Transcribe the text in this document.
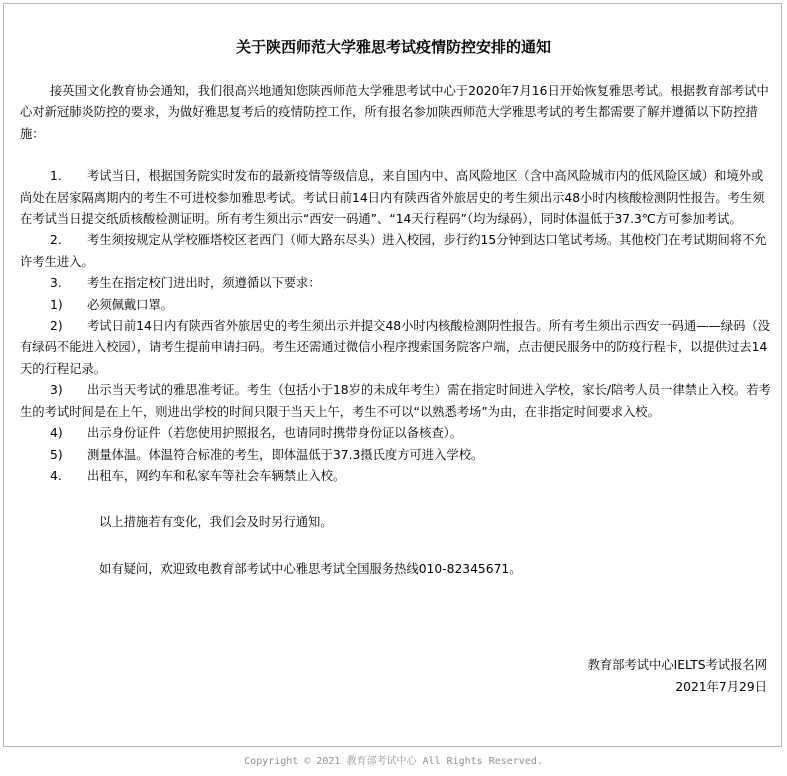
关于陕西师范大学雅思考试疫情防控安排的通知

接英国文化教育协会通知，我们很高兴地通知您陕西师范大学雅思考试中心于2020年7月16日开始恢复雅思考试。根据教育部考试中心对新冠肺炎防控的要求，为做好雅思复考后的疫情防控工作，所有报名参加陕西师范大学雅思考试的考生都需要了解并遵循以下防控措施：

1. 考试当日，根据国务院实时发布的最新疫情等级信息，来自国内中、高风险地区（含中高风险城市内的低风险区域）和境外或尚处在居家隔离期内的考生不可进校参加雅思考试。考试日前14日内有陕西省外旅居史的考生须出示48小时内核酸检测阴性报告。考生须在考试当日提交纸质核酸检测证明。所有考生须出示“西安一码通”、“14天行程码”（均为绿码），同时体温低于37.3℃方可参加考试。

2. 考生须按规定从学校雁塔校区老西门（师大路东尽头）进入校园，步行约15分钟到达口笔试考场。其他校门在考试期间将不允许考生进入。

3. 考生在指定校门进出时，须遵循以下要求：

1) 必须佩戴口罩。

2) 考试日前14日内有陕西省外旅居史的考生须出示并提交48小时内核酸检测阴性报告。所有考生须出示西安一码通——绿码（没有绿码不能进入校园），请考生提前申请扫码。考生还需通过微信小程序搜索国务院客户端，点击便民服务中的防疫行程卡，以提供过去14天的行程记录。

3) 出示当天考试的雅思准考证。考生（包括小于18岁的未成年考生）需在指定时间进入学校，家长/陪考人员一律禁止入校。若考生的考试时间是在上午，则进出学校的时间只限于当天上午，考生不可以“以熟悉考场”为由，在非指定时间要求入校。

4) 出示身份证件（若您使用护照报名，也请同时携带身份证以备核查）。

5) 测量体温。体温符合标准的考生，即体温低于37.3摄氏度方可进入学校。

4. 出租车，网约车和私家车等社会车辆禁止入校。

以上措施若有变化，我们会及时另行通知。

如有疑问，欢迎致电教育部考试中心雅思考试全国服务热线010-82345671。

教育部考试中心IELTS考试报名网
2021年7月29日
Copyright © 2021 教育部考试中心 All Rights Reserved.
